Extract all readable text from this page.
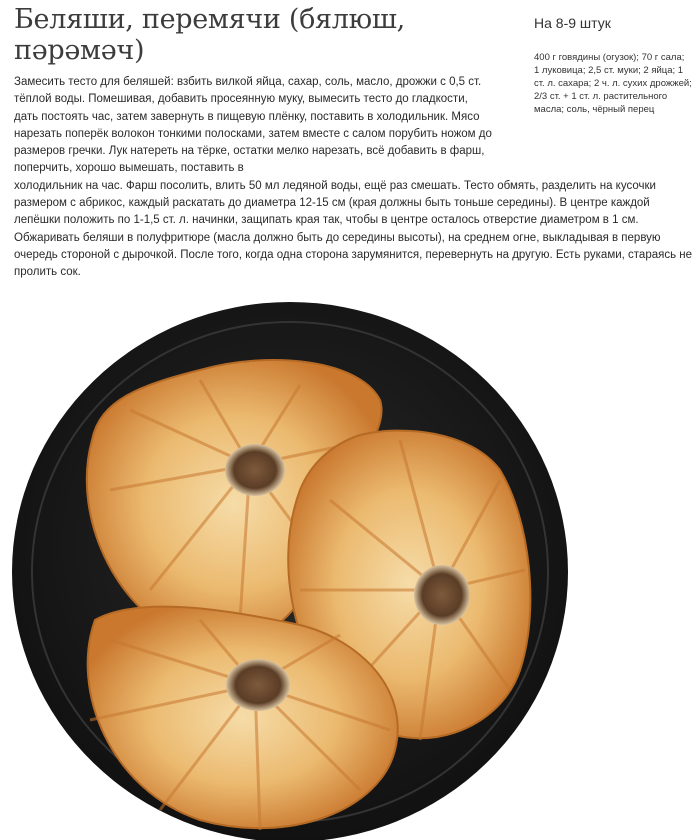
Беляши, перемячи (бялюш,
пәрәмәч)
На 8-9 штук
400 г говядины (огузок); 70 г сала; 1 луковица; 2,5 ст. муки; 2 яйца; 1 ст. л. сахара; 2 ч. л. сухих дрожжей; 2/3 ст. + 1 ст. л. растительного масла; соль, чёрный перец
Замесить тесто для беляшей: взбить вилкой яйца, сахар, соль, масло, дрожжи с 0,5 ст. тёплой воды. Помешивая, добавить просеянную муку, вымесить тесто до гладкости, дать постоять час, затем завернуть в пищевую плёнку, поставить в холодильник. Мясо нарезать поперёк волокон тонкими полосками, затем вместе с салом порубить ножом до размеров гречки. Лук натереть на тёрке, остатки мелко нарезать, всё добавить в фарш, поперчить, хорошо вымешать, поставить в
холодильник на час. Фарш посолить, влить 50 мл ледяной воды, ещё раз смешать. Тесто обмять, разделить на кусочки размером с абрикос, каждый раскатать до диаметра 12-15 см (края должны быть тоньше середины). В центре каждой лепёшки положить по 1-1,5 ст. л. начинки, защипать края так, чтобы в центре осталось отверстие диаметром в 1 см. Обжаривать беляши в полуфритюре (масла должно быть до середины высоты), на среднем огне, выкладывая в первую очередь стороной с дырочкой. После того, когда одна сторона зарумянится, перевернуть на другую. Есть руками, стараясь не пролить сок.
